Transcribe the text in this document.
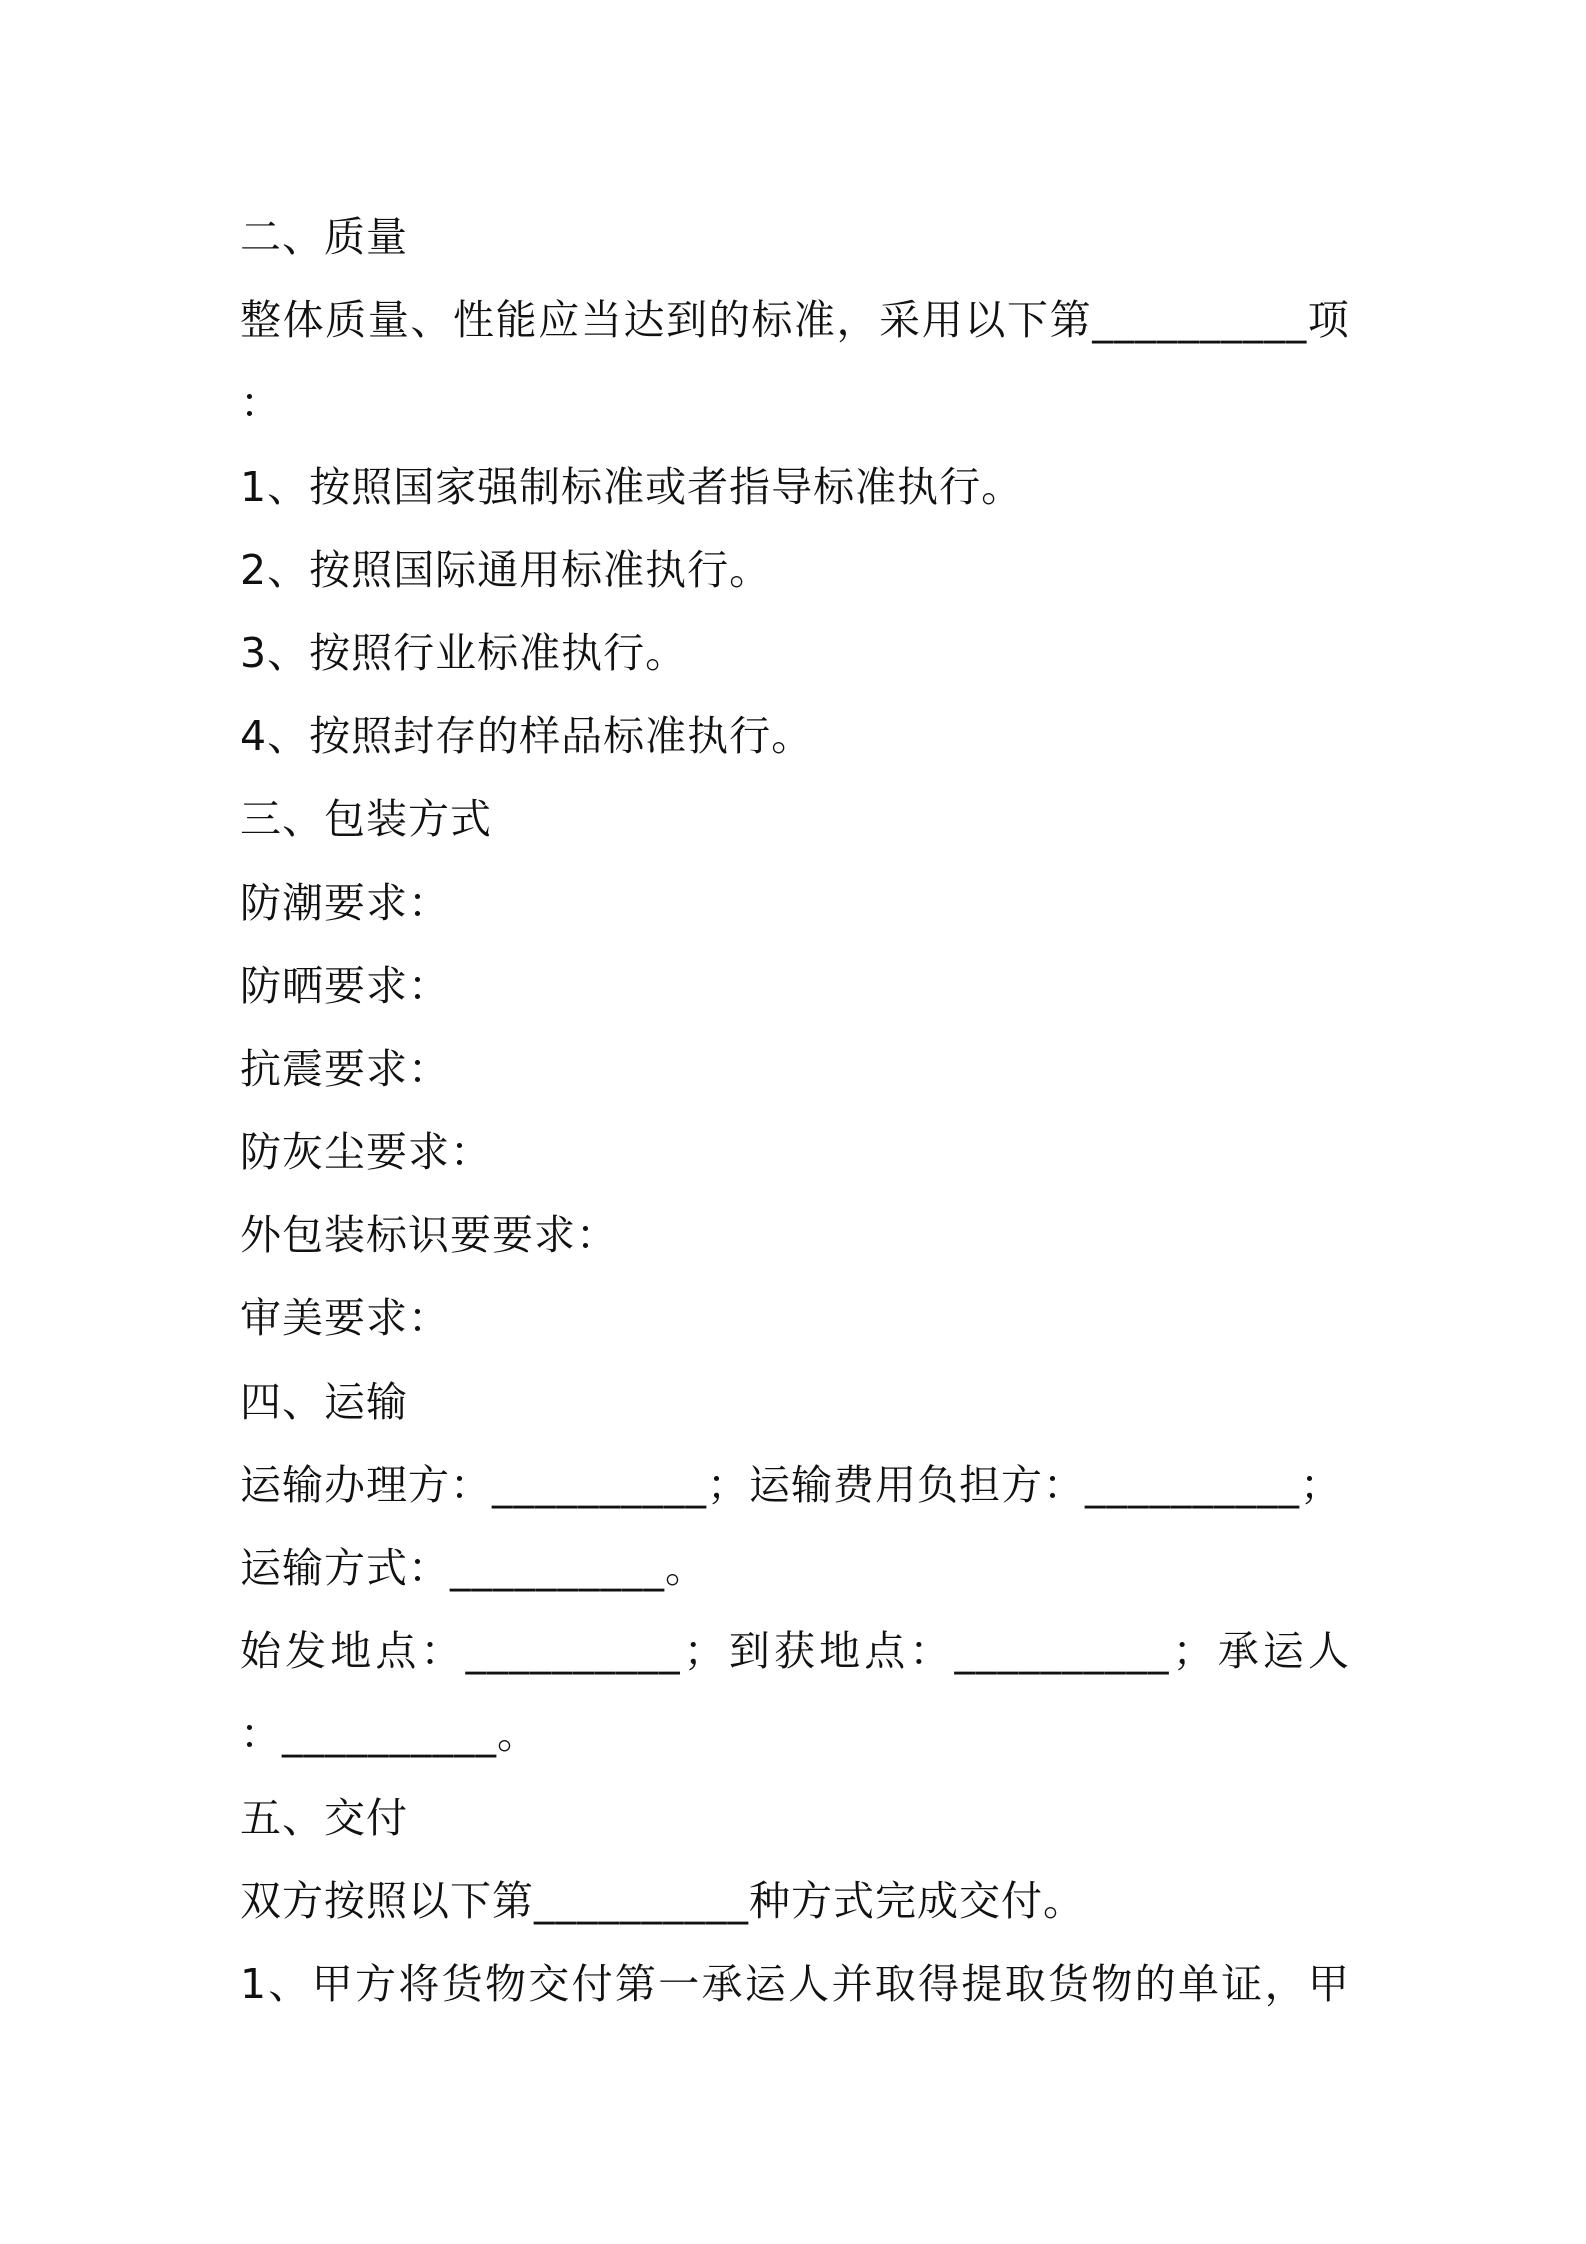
二、质量
整 体 质 量 、 性 能 应 当 达 到 的 标 准 ， 采 用 以 下 第 __________ 项
：
1、按照国家强制标准或者指导标准执行。
2、按照国际通用标准执行。
3、按照行业标准执行。
4、按照封存的样品标准执行。
三、包装方式
防潮要求：
防晒要求：
抗震要求：
防灰尘要求：
外包装标识要要求：
审美要求：
四、运输
运输办理方：__________；运输费用负担方：__________；
运输方式：__________。
始 发 地 点 ： __________ ； 到 获 地 点 ： __________ ； 承 运 人
：__________。
五、交付
双方按照以下第__________种方式完成交付。
1 、 甲 方 将 货 物 交 付 第 一 承 运 人 并 取 得 提 取 货 物 的 单 证 ， 甲
